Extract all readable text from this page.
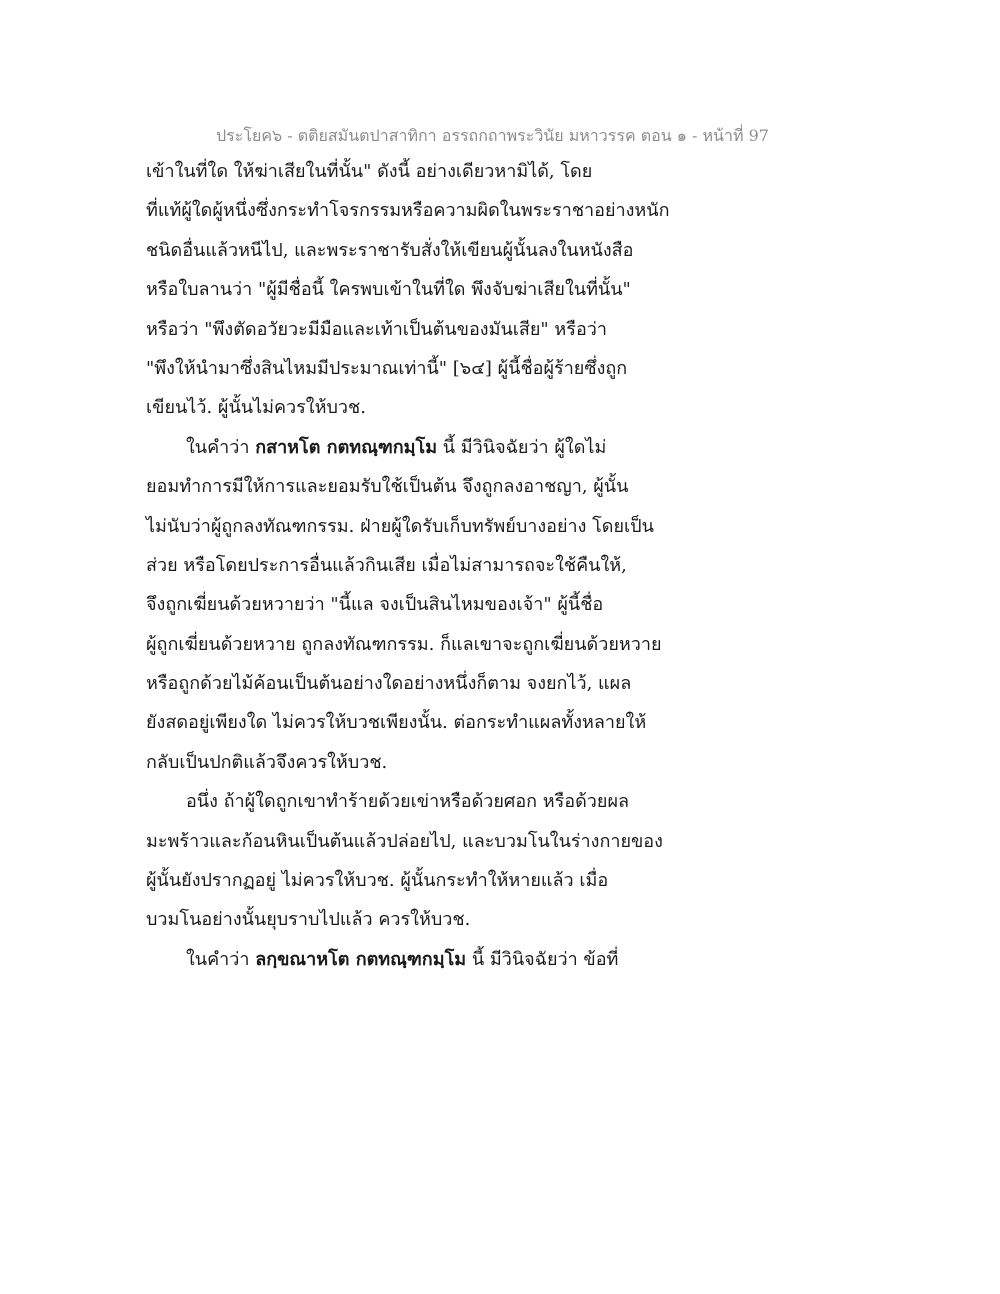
ประโยค๖ - ตติยสมันตปาสาทิกา อรรถกถาพระวินัย มหาวรรค ตอน ๑ - หน้าที่ 97
เข้าในที่ใด ให้ฆ่าเสียในที่นั้น" ดังนี้ อย่างเดียวหามิได้, โดย
ที่แท้ผู้ใดผู้หนึ่งซึ่งกระทำโจรกรรมหรือความผิดในพระราชาอย่างหนัก
ชนิดอื่นแล้วหนีไป, และพระราชารับสั่งให้เขียนผู้นั้นลงในหนังสือ
หรือใบลานว่า "ผู้มีชื่อนี้ ใครพบเข้าในที่ใด พึงจับฆ่าเสียในที่นั้น"
หรือว่า "พึงตัดอวัยวะมีมือและเท้าเป็นต้นของมันเสีย" หรือว่า
"พึงให้นำมาซึ่งสินไหมมีประมาณเท่านี้" [๖๔] ผู้นี้ชื่อผู้ร้ายซึ่งถูก
เขียนไว้. ผู้นั้นไม่ควรให้บวช.
ในคำว่า กสาหโต กตทณฺฑกมฺโม นี้ มีวินิจฉัยว่า ผู้ใดไม่
ยอมทำการมีให้การและยอมรับใช้เป็นต้น จึงถูกลงอาชญา, ผู้นั้น
ไม่นับว่าผู้ถูกลงทัณฑกรรม. ฝ่ายผู้ใดรับเก็บทรัพย์บางอย่าง โดยเป็น
ส่วย หรือโดยประการอื่นแล้วกินเสีย เมื่อไม่สามารถจะใช้คืนให้,
จึงถูกเฆี่ยนด้วยหวายว่า "นี้แล จงเป็นสินไหมของเจ้า" ผู้นี้ชื่อ
ผู้ถูกเฆี่ยนด้วยหวาย ถูกลงทัณฑกรรม. ก็แลเขาจะถูกเฆี่ยนด้วยหวาย
หรือถูกด้วยไม้ค้อนเป็นต้นอย่างใดอย่างหนึ่งก็ตาม จงยกไว้, แผล
ยังสดอยู่เพียงใด ไม่ควรให้บวชเพียงนั้น. ต่อกระทำแผลทั้งหลายให้
กลับเป็นปกติแล้วจึงควรให้บวช.
อนึ่ง ถ้าผู้ใดถูกเขาทำร้ายด้วยเข่าหรือด้วยศอก หรือด้วยผล
มะพร้าวและก้อนหินเป็นต้นแล้วปล่อยไป, และบวมโนในร่างกายของ
ผู้นั้นยังปรากฏอยู่ ไม่ควรให้บวช. ผู้นั้นกระทำให้หายแล้ว เมื่อ
บวมโนอย่างนั้นยุบราบไปแล้ว ควรให้บวช.
ในคำว่า ลกฺขณาหโต กตทณฺฑกมฺโม นี้ มีวินิจฉัยว่า ข้อที่
